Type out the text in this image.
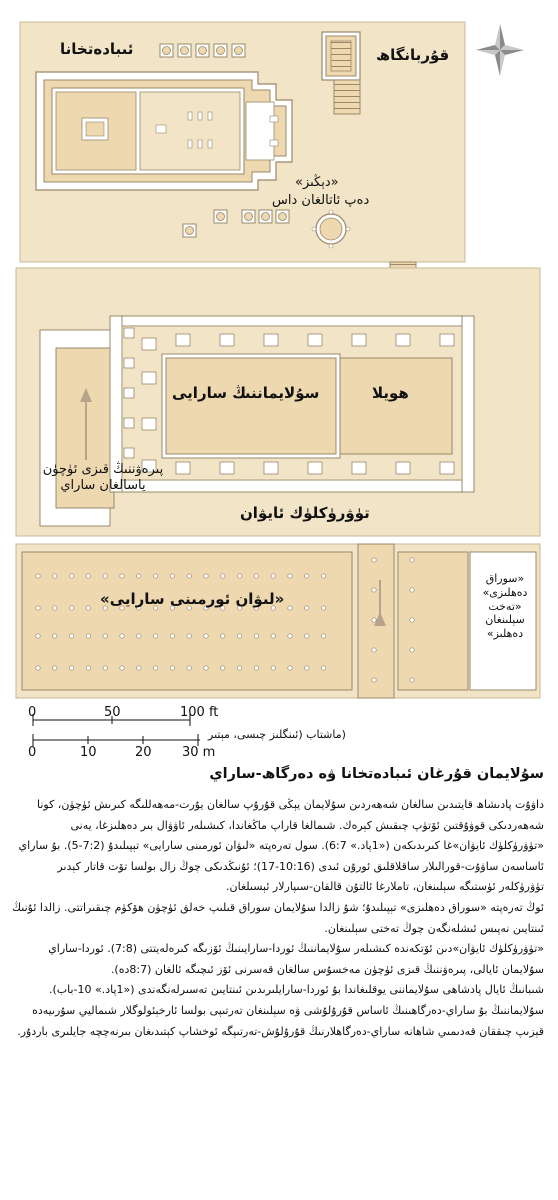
ئىبادەتخانا	قۇربانگاھ
«دېڭىز»
دەپ ئاتالغان داس
سۇلايماننىڭ سارايى	ھويلا
پىرەۋننىڭ قىزى ئۈچۈن ياسالغان ساراي
تۈۋرۈكلۈك ئايۋان
«لىۋان ئورمىنى سارايى»
«سوراق دەھلىزى» «تەخت سېلىنغان دەھلىز»
0	50	100 ft
0	10	20 30 m
(ماشتاب (ئىنگلىز چىسى، مېتىر
سۇلايمان قۇرغان ئىبادەتخانا ۋە دەرگاھ-ساراي

داۋۇت پادىشاھ قايتىدىن سالغان شەھەردىن سۇلايمان يېڭى قۇرۇپ سالغان يۇرت-مەھەللىگە كىرىش ئۈچۈن، كونا شەھەردىكى قوۋۇقتىن ئۆتۈپ چىقىش كېرەك. شىمالغا قاراپ ماڭغاندا، كىشىلەر ئاۋۋال بىر دەھلىزغا، يەنى «تۈۋرۈكلۈك ئايۋان»غا كىرىدىكەن («1پاد.» 6:7). سول تەرەپتە «لىۋان ئورمىنى سارايى» تېپىلىدۇ (7:2-5). بۇ ساراي ئاساسەن ساۋۇت-قورالىلار ساقلاقلىق ئورۇن ئىدى (10:16-17)؛ ئۇنىڭدىكى چوڭ زال بولسا تۆت قاتار كېدىر تۈۋرۈكلەر ئۈستىگە سېلىنغان، تاملارغا ئالتۇن قالقان-سىپارلار ئېسىلغان.

ئوڭ تەرەپتە «سوراق دەھلىزى» تېپىلىدۇ؛ شۇ زالدا سۇلايمان سوراق قىلىپ خەلق ئۈچۈن ھۆكۈم چىقىراتتى. زالدا ئۇنىڭ ئىنتايىن نەپىس ئىشلەنگەن چوڭ تەختى سېلىنغان.

«تۈۋرۈكلۈك ئايۋان»دىن ئۆتكەندە كىشىلەر سۇلايماننىڭ ئوردا-سارايىنىڭ ئۆزىگە كىرەلەيتتى (7:8). ئوردا-ساراي سۇلايمان ئايالى، پىرەۋننىڭ قىزى ئۈچۈن مەخسۇس سالغان قەسرنى ئۆز ئىچىگە ئالغان (8:7دە).

شىبانىڭ ئايال پادشاھى سۇلايماننى يوقلىغاندا بۇ ئوردا-سارايلىرىدىن ئىنتايىن تەسىرلەنگەندى («1پاد.» 10-باب).

سۇلايماننىڭ بۇ ساراي-دەرگاھىنىڭ ئاساس قۇرۇلۇشى ۋە سېلىنغان تەرتىپى بولسا ئارخېئولوگلار شىماليي سۇرىيەدە قېزىپ چىققان قەدىمىي شاھانە ساراي-دەرگاھلارنىڭ قۇرۇلۇش-تەرتىپگە ئوخشاپ كېتىدىغان بىرنەچچە جايلىرى باردۇر.
